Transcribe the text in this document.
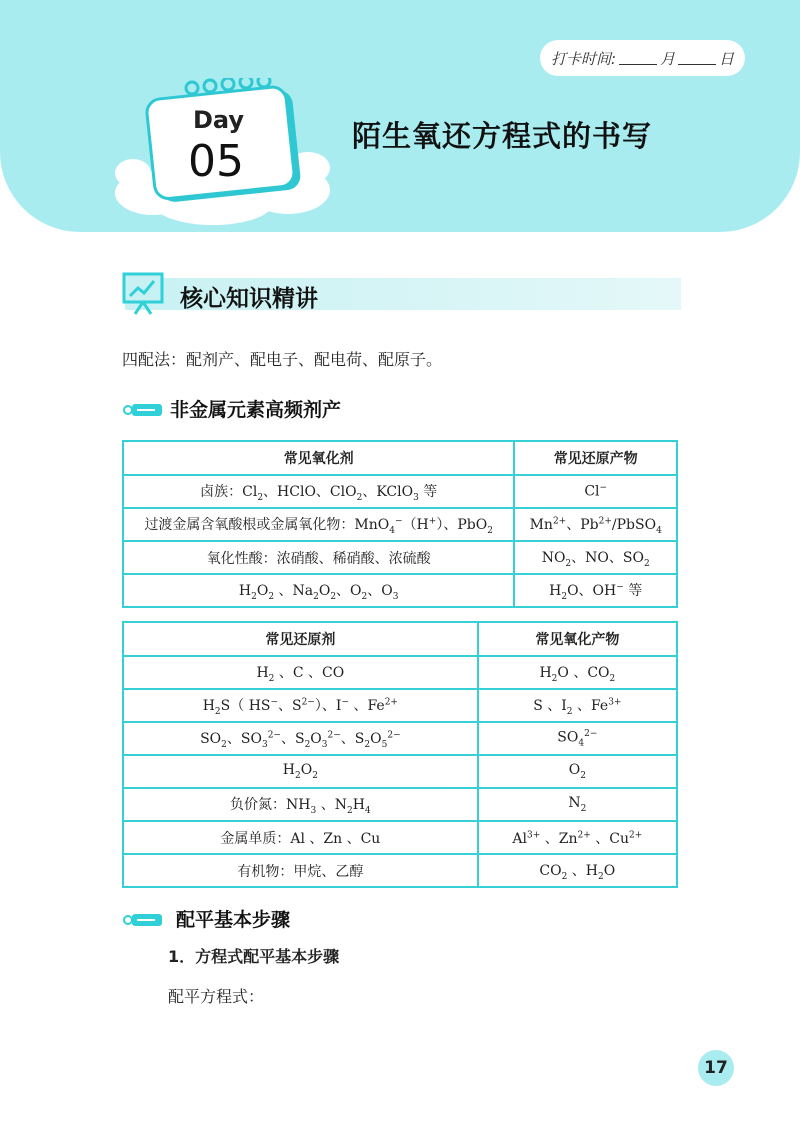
打卡时间:	月	日
Day
05	陌生氧还方程式的书写
核心知识精讲
四配法：配剂产、配电子、配电荷、配原子。
非金属元素高频剂产
常见氧化剂	常见还原产物
卤族：$Cl_2$、HClO、ClO$_2$、KClO$_3$ 等	Cl−
过渡金属含氧酸根或金属氧化物：MnO$_4$−（H+）、PbO$_2$	$Mn^{2+}$、$Pb^{2+}/PbSO_4$
氧化性酸：浓硝酸、稀硝酸、浓硫酸	$NO_2$、NO、$SO_2$
$H_2O_2$ 、$Na_2O_2$、$O_2$、$O_3$	$H_2O$、OH− 等
常见还原剂	常见氧化产物
$H_2$ 、C 、CO	$H_2O$ 、$CO_2$
$H_2S$（ HS−、$S^{2-}$）、I− 、$Fe^{2+}$	S 、$I_2$ 、$Fe^{3+}$
$SO_2$、$SO_3^{2-}$、$S_2O_3^{2-}$、$S_2O_5^{2-}$	$SO_4^{2-}$
$H_2O_2$	$O_2$
负价氮：$NH_3$ 、$N_2H_4$	$N_2$
金属单质：Al 、Zn 、Cu	$Al^{3+}$ 、$Zn^{2+}$ 、$Cu^{2+}$
有机物：甲烷、乙醇	$CO_2$ 、$H_2O$
配平基本步骤
1．方程式配平基本步骤
配平方程式：
17
